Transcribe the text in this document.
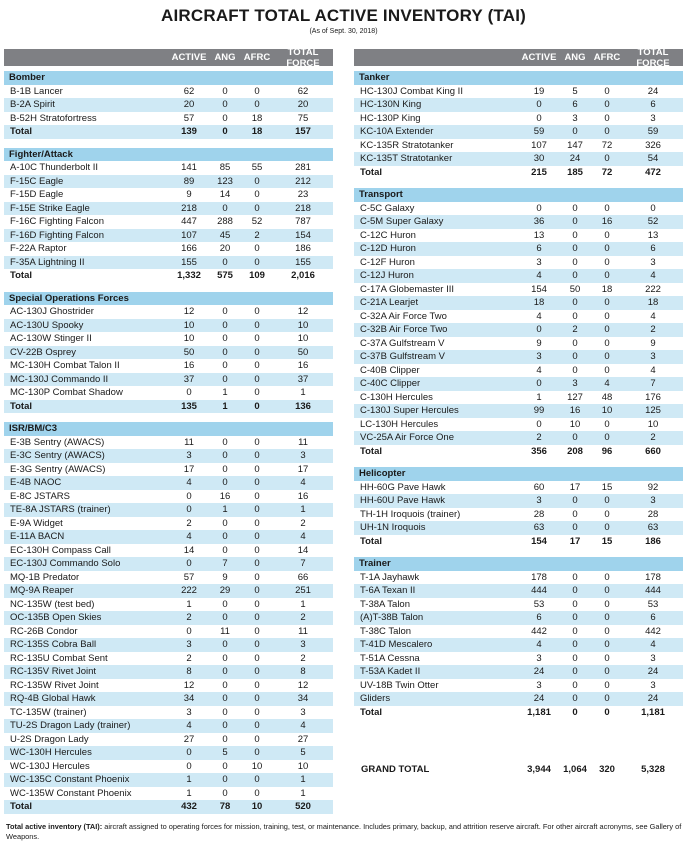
AIRCRAFT TOTAL ACTIVE INVENTORY (TAI)
(As of Sept. 30, 2018)
ACTIVE ANG AFRC	TOTAL FORCE
Bomber
B-1B Lancer	62	0	0	62
B-2A Spirit	20	0	0	20
B-52H Stratofortress	57	0	18	75
Total	139	0	18	157
Fighter/Attack
A-10C Thunderbolt II	141	85	55	281
F-15C Eagle	89	123	0	212
F-15D Eagle	9	14	0	23
F-15E Strike Eagle	218	0	0	218
F-16C Fighting Falcon	447	288	52	787
F-16D Fighting Falcon	107	45	2	154
F-22A Raptor	166	20	0	186
F-35A Lightning II	155	0	0	155
Total	1,332	575	109	2,016
Special Operations Forces
AC-130J Ghostrider	12	0	0	12
AC-130U Spooky	10	0	0	10
AC-130W Stinger II	10	0	0	10
CV-22B Osprey	50	0	0	50
MC-130H Combat Talon II	16	0	0	16
MC-130J Commando II	37	0	0	37
MC-130P Combat Shadow	0	1	0	1
Total	135	1	0	136
ISR/BM/C3
E-3B Sentry (AWACS)	11	0	0	11
E-3C Sentry (AWACS)	3	0	0	3
E-3G Sentry (AWACS)	17	0	0	17
E-4B NAOC	4	0	0	4
E-8C JSTARS	0	16	0	16
TE-8A JSTARS (trainer)	0	1	0	1
E-9A Widget	2	0	0	2
E-11A BACN	4	0	0	4
EC-130H Compass Call	14	0	0	14
EC-130J Commando Solo	0	7	0	7
MQ-1B Predator	57	9	0	66
MQ-9A Reaper	222	29	0	251
NC-135W (test bed)	1	0	0	1
OC-135B Open Skies	2	0	0	2
RC-26B Condor	0	11	0	11
RC-135S Cobra Ball	3	0	0	3
RC-135U Combat Sent	2	0	0	2
RC-135V Rivet Joint	8	0	0	8
RC-135W Rivet Joint	12	0	0	12
RQ-4B Global Hawk	34	0	0	34
TC-135W (trainer)	3	0	0	3
TU-2S Dragon Lady (trainer)	4	0	0	4
U-2S Dragon Lady	27	0	0	27
WC-130H Hercules	0	5	0	5
WC-130J Hercules	0	0	10	10
WC-135C Constant Phoenix	1	0	0	1
WC-135W Constant Phoenix	1	0	0	1
Total	432	78	10	520
ACTIVE ANG AFRC	TOTAL FORCE
Tanker
HC-130J Combat King II	19	5	0	24
HC-130N King	0	6	0	6
HC-130P King	0	3	0	3
KC-10A Extender	59	0	0	59
KC-135R Stratotanker	107	147	72	326
KC-135T Stratotanker	30	24	0	54
Total	215	185	72	472
Transport
C-5C Galaxy	0	0	0	0
C-5M Super Galaxy	36	0	16	52
C-12C Huron	13	0	0	13
C-12D Huron	6	0	0	6
C-12F Huron	3	0	0	3
C-12J Huron	4	0	0	4
C-17A Globemaster III	154	50	18	222
C-21A Learjet	18	0	0	18
C-32A Air Force Two	4	0	0	4
C-32B Air Force Two	0	2	0	2
C-37A Gulfstream V	9	0	0	9
C-37B Gulfstream V	3	0	0	3
C-40B Clipper	4	0	0	4
C-40C Clipper	0	3	4	7
C-130H Hercules	1	127	48	176
C-130J Super Hercules	99	16	10	125
LC-130H Hercules	0	10	0	10
VC-25A Air Force One	2	0	0	2
Total	356	208	96	660
Helicopter
HH-60G Pave Hawk	60	17	15	92
HH-60U Pave Hawk	3	0	0	3
TH-1H Iroquois (trainer)	28	0	0	28
UH-1N Iroquois	63	0	0	63
Total	154	17	15	186
Trainer
T-1A Jayhawk	178	0	0	178
T-6A Texan II	444	0	0	444
T-38A Talon	53	0	0	53
(A)T-38B Talon	6	0	0	6
T-38C Talon	442	0	0	442
T-41D Mescalero	4	0	0	4
T-51A Cessna	3	0	0	3
T-53A Kadet II	24	0	0	24
UV-18B Twin Otter	3	0	0	3
Gliders	24	0	0	24
Total	1,181	0	0	1,181
GRAND TOTAL	3,944	1,064	320	5,328
Total active inventory (TAI): aircraft assigned to operating forces for mission, training, test, or maintenance. Includes primary, backup, and attrition reserve aircraft. For other aircraft acronyms, see Gallery of Weapons.
